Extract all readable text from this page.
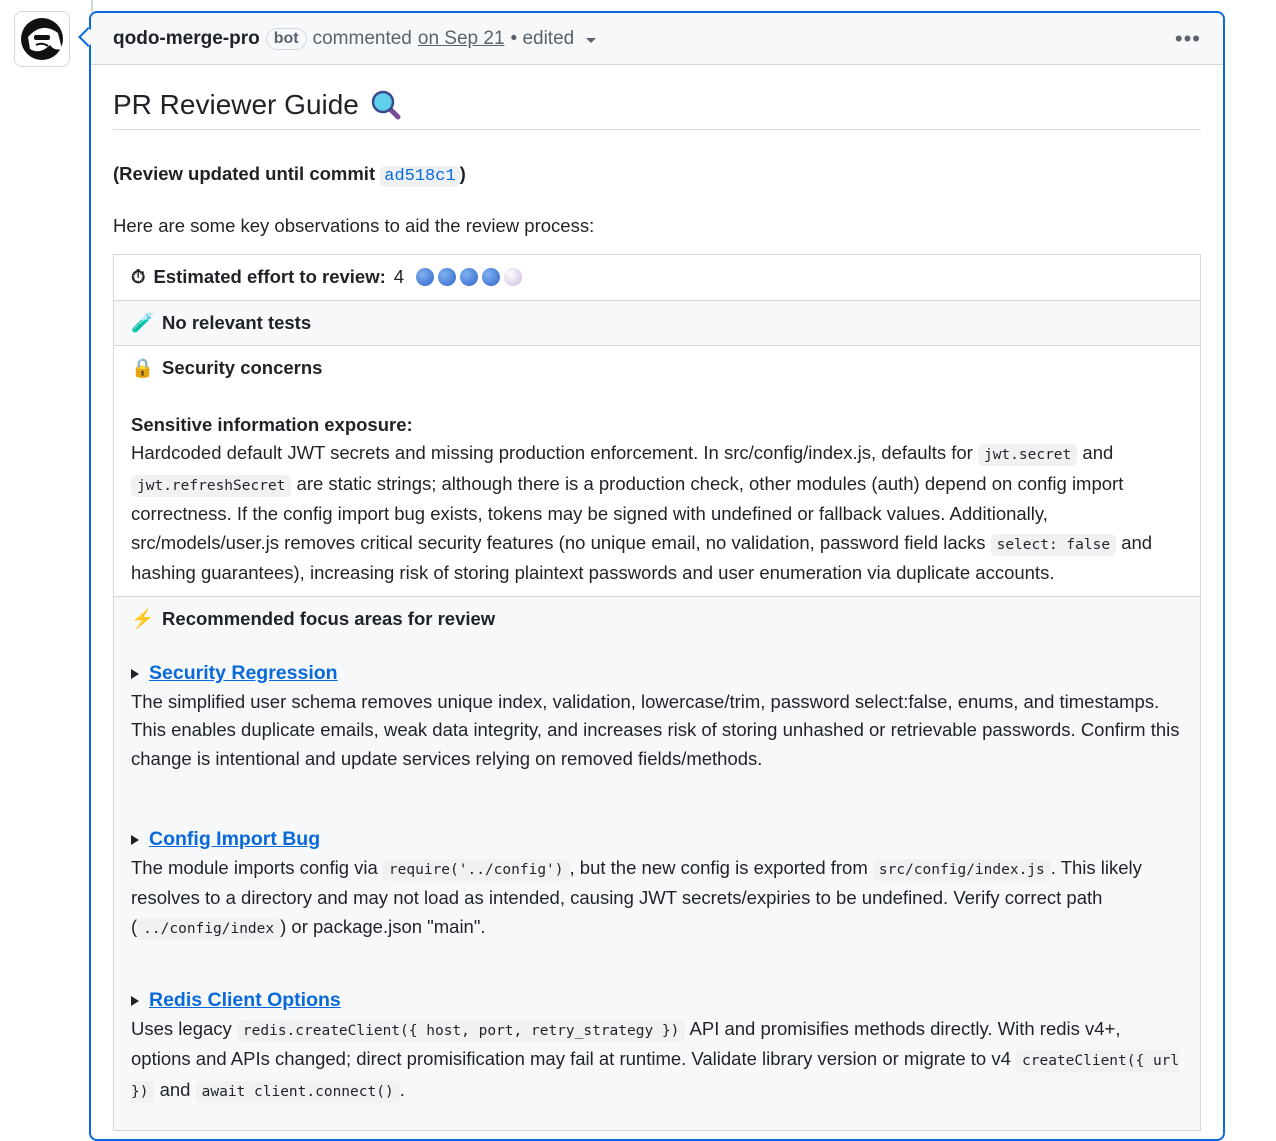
qodo-merge-pro bot commented on Sep 21 • edited	•••
PR Reviewer Guide

(Review updated until commit ad518c1 )

Here are some key observations to aid the review process:

⏱ Estimated effort to review: 4

🧪 No relevant tests

🔒 Security concerns
Sensitive information exposure:
Hardcoded default JWT secrets and missing production enforcement. In src/config/index.js, defaults for jwt.secret and jwt.refreshSecret are static strings; although there is a production check, other modules (auth) depend on config import correctness. If the config import bug exists, tokens may be signed with undefined or fallback values. Additionally, src/models/user.js removes critical security features (no unique email, no validation, password field lacks select: false and hashing guarantees), increasing risk of storing plaintext passwords and user enumeration via duplicate accounts.

⚡ Recommended focus areas for review
Security Regression
The simplified user schema removes unique index, validation, lowercase/trim, password select:false, enums, and timestamps. This enables duplicate emails, weak data integrity, and increases risk of storing unhashed or retrievable passwords. Confirm this change is intentional and update services relying on removed fields/methods.
Config Import Bug
The module imports config via require('../config') , but the new config is exported from src/config/index.js . This likely resolves to a directory and may not load as intended, causing JWT secrets/expiries to be undefined. Verify correct path ( ../config/index ) or package.json "main".
Redis Client Options
Uses legacy redis.createClient({ host, port, retry_strategy }) API and promisifies methods directly. With redis v4+, options and APIs changed; direct promisification may fail at runtime. Validate library version or migrate to v4 createClient({ url }) and await client.connect() .
